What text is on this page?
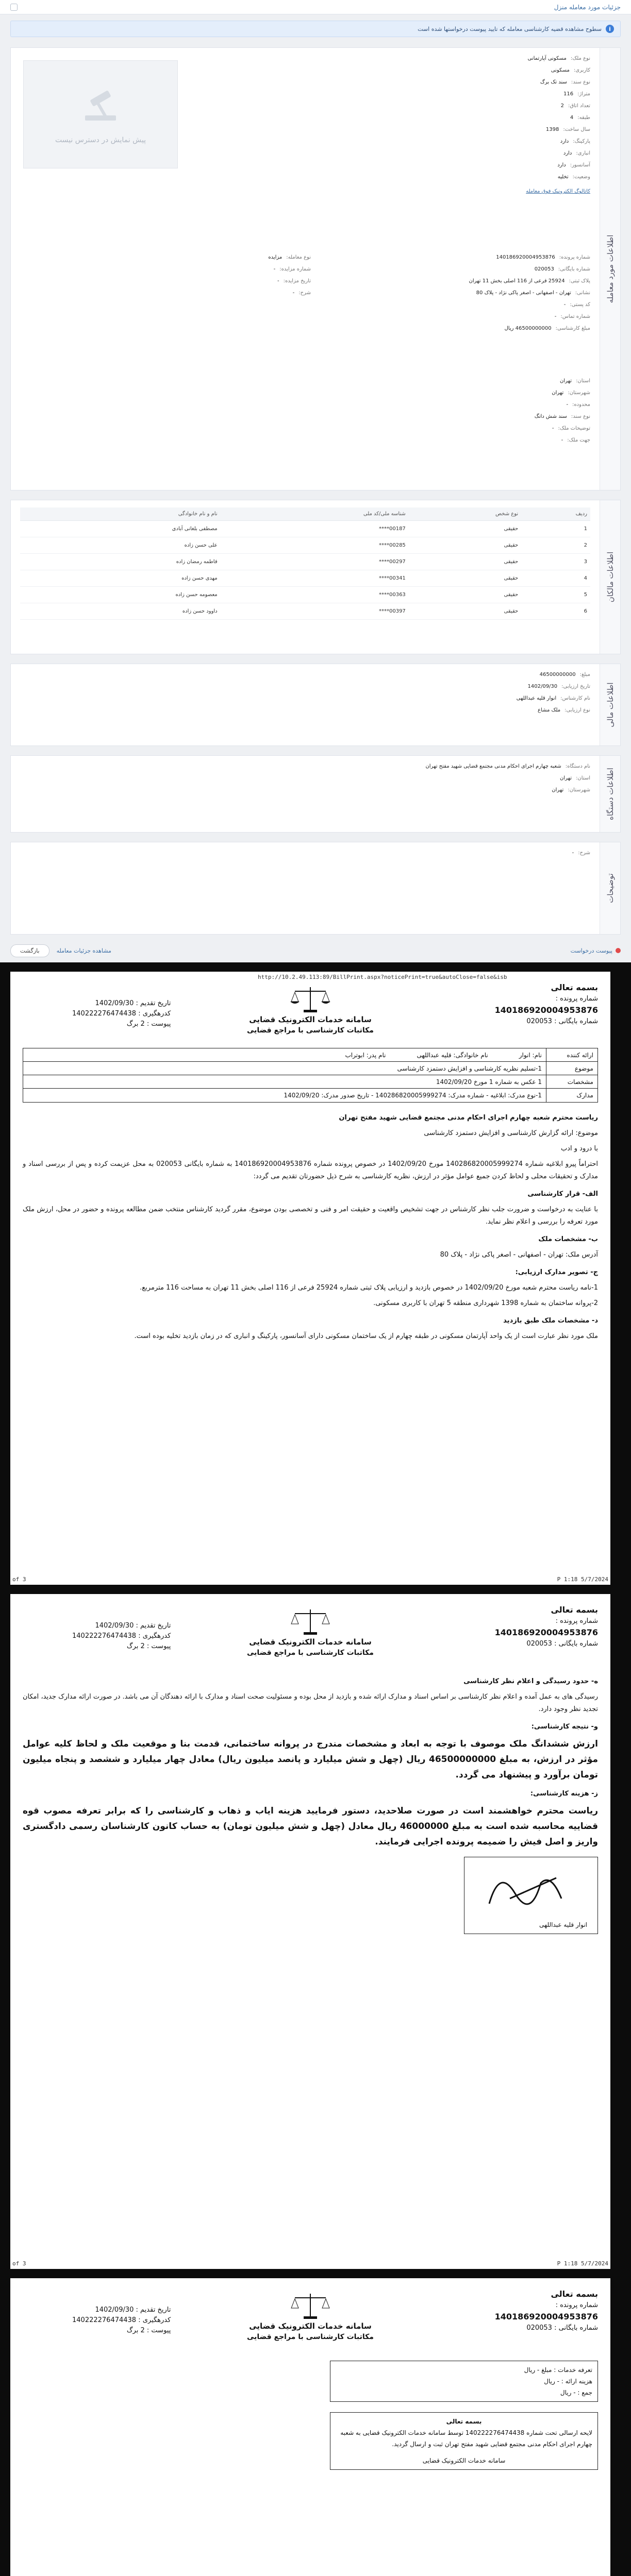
جزئیات مورد معامله منزل
i
سطوح مشاهده قضیه کارشناسی معامله که تایید پیوست درخواستها شده است
اطلاعات مورد معامله
نوع ملک:
مسکونی آپارتمانی
کاربری:
مسکونی
نوع سند:
سند تک برگ
متراژ:
116
تعداد اتاق:
2
طبقه:
4
سال ساخت:
1398
پارکینگ:
دارد
انباری:
دارد
آسانسور:
دارد
وضعیت:
تخلیه
کاتالوگ الکترونیک فوق معامله
پیش نمایش در دسترس نیست
شماره پرونده:
140186920004953876
شماره بایگانی:
020053
پلاک ثبتی:
25924 فرعی از 116 اصلی بخش 11 تهران
نشانی:
تهران - اصفهانی - اصغر پاکی نژاد - پلاک 80
کد پستی:
-
شماره تماس:
-
مبلغ کارشناسی:
46500000000 ریال
نوع معامله:
مزایده
شماره مزایده:
-
تاریخ مزایده:
-
شرح:
-
استان:
تهران
شهرستان:
تهران
محدوده:
-
نوع سند:
سند شش دانگ
توضیحات ملک:
-
جهت ملک:
-
اطلاعات مالکان
ردیف	نوع شخص	شناسه ملی/کد ملی	نام و نام خانوادگی
1	حقیقی	00187****	مصطفی بلغانی آبادی
2	حقیقی	00285****	علی حسن زاده
3	حقیقی	00297****	فاطمه رمضان زاده
4	حقیقی	00341****	مهدی حسن زاده
5	حقیقی	00363****	معصومه حسن زاده
6	حقیقی	00397****	داوود حسن زاده
اطلاعات مالی
مبلغ:
46500000000
تاریخ ارزیابی:
1402/09/30
نام کارشناس:
انوار قلیه عبداللهی
نوع ارزیابی:
ملک مشاع
اطلاعات دستگاه
نام دستگاه:
شعبه چهارم اجرای احکام مدنی مجتمع قضایی شهید مفتح تهران
استان:
تهران
شهرستان:
تهران
توضیحات
شرح:
-
پیوست درخواست
مشاهده جزئیات معامله
بازگشت
http://10.2.49.113:89/BillPrint.aspx?noticePrint=true&autoClose=false&isb
بسمه تعالی
شماره پرونده :
140186920004953876
شماره بایگانی : 020053
سامانه خدمات الکترونیک قضایی
مکاتبات کارشناسی با مراجع قضایی
تاریخ تقدیم : 1402/09/30
کدرهگیری : 140222276474438
پیوست : 2 برگ
ارائه کننده
نام: انوار
نام خانوادگی: قلیه عبداللهی
نام پدر: ابوتراب
موضوع
1-تسلیم نظریه کارشناسی و افزایش دستمزد کارشناسی
مشخصات
1 عکس به شماره 1 مورخ 1402/09/20
مدارک
1-نوع مدرک: ابلاغیه - شماره مدرک: 140286820005999274 - تاریخ صدور مدرک: 1402/09/20

ریاست محترم شعبه چهارم اجرای احکام مدنی مجتمع قضایی شهید مفتح تهران

موضوع: ارائه گزارش کارشناسی و افزایش دستمزد کارشناسی

با درود و ادب

احتراماً پیرو ابلاغیه شماره 140286820005999274 مورخ 1402/09/20 در خصوص پرونده شماره 140186920004953876 به شماره بایگانی 020053 به محل عزیمت کرده و پس از بررسی اسناد و مدارک و تحقیقات محلی و لحاظ کردن جمیع عوامل مؤثر در ارزش، نظریه کارشناسی به شرح ذیل حضورتان تقدیم می گردد:

الف- قرار کارشناسی

با عنایت به درخواست و ضرورت جلب نظر کارشناس در جهت تشخیص واقعیت و حقیقت امر و فنی و تخصصی بودن موضوع، مقرر گردید کارشناس منتخب ضمن مطالعه پرونده و حضور در محل، ارزش ملک مورد تعرفه را بررسی و اعلام نظر نماید.

ب- مشخصات ملک

آدرس ملک: تهران - اصفهانی - اصغر پاکی نژاد - پلاک 80

ج- تصویر مدارک ارزیابی:

1-نامه ریاست محترم شعبه مورخ 1402/09/20 در خصوص بازدید و ارزیابی پلاک ثبتی شماره 25924 فرعی از 116 اصلی بخش 11 تهران به مساحت 116 مترمربع.

2-پروانه ساختمان به شماره 1398 شهرداری منطقه 5 تهران با کاربری مسکونی.

د- مشخصات ملک طبق بازدید

ملک مورد نظر عبارت است از یک واحد آپارتمان مسکونی در طبقه چهارم از یک ساختمان مسکونی دارای آسانسور، پارکینگ و انباری که در زمان بازدید تخلیه بوده است.

of 3	5/7/2024 1:18 P
بسمه تعالی
شماره پرونده :
140186920004953876
شماره بایگانی : 020053
سامانه خدمات الکترونیک قضایی
مکاتبات کارشناسی با مراجع قضایی
تاریخ تقدیم : 1402/09/30
کدرهگیری : 140222276474438
پیوست : 2 برگ
ه- حدود رسیدگی و اعلام نظر کارشناسی

رسیدگی های به عمل آمده و اعلام نظر کارشناسی بر اساس اسناد و مدارک ارائه شده و بازدید از محل بوده و مسئولیت صحت اسناد و مدارک با ارائه دهندگان آن می باشد. در صورت ارائه مدارک جدید، امکان تجدید نظر وجود دارد.

و- نتیجه کارشناسی:

ارزش ششدانگ ملک موصوف با توجه به ابعاد و مشخصات مندرج در پروانه ساختمانی، قدمت بنا و موقعیت ملک و لحاظ کلیه عوامل مؤثر در ارزش، به مبلغ 46500000000 ریال (چهل و شش میلیارد و پانصد میلیون ریال) معادل چهار میلیارد و ششصد و پنجاه میلیون تومان برآورد و پیشنهاد می گردد.

ز- هزینه کارشناسی:

ریاست محترم خواهشمند است در صورت صلاحدید، دستور فرمایید هزینه ایاب و ذهاب و کارشناسی را که برابر تعرفه مصوب قوه قضاییه محاسبه شده است به مبلغ 46000000 ریال معادل (چهل و شش میلیون تومان) به حساب کانون کارشناسان رسمی دادگستری واریز و اصل فیش را ضمیمه پرونده اجرایی فرمایند.

انوار قلیه عبداللهی
of 3	5/7/2024 1:18 P
بسمه تعالی
شماره پرونده :
140186920004953876
شماره بایگانی : 020053
سامانه خدمات الکترونیک قضایی
مکاتبات کارشناسی با مراجع قضایی
تاریخ تقدیم : 1402/09/30
کدرهگیری : 140222276474438
پیوست : 2 برگ
تعرفه خدمات : مبلغ - ریال
هزینه ارائه : - ریال
جمع : - ریال
بسمه تعالی
لایحه ارسالی تحت شماره 140222276474438 توسط سامانه خدمات الکترونیک قضایی به شعبه چهارم اجرای احکام مدنی مجتمع قضایی شهید مفتح تهران ثبت و ارسال گردید.
سامانه خدمات الکترونیک قضایی
